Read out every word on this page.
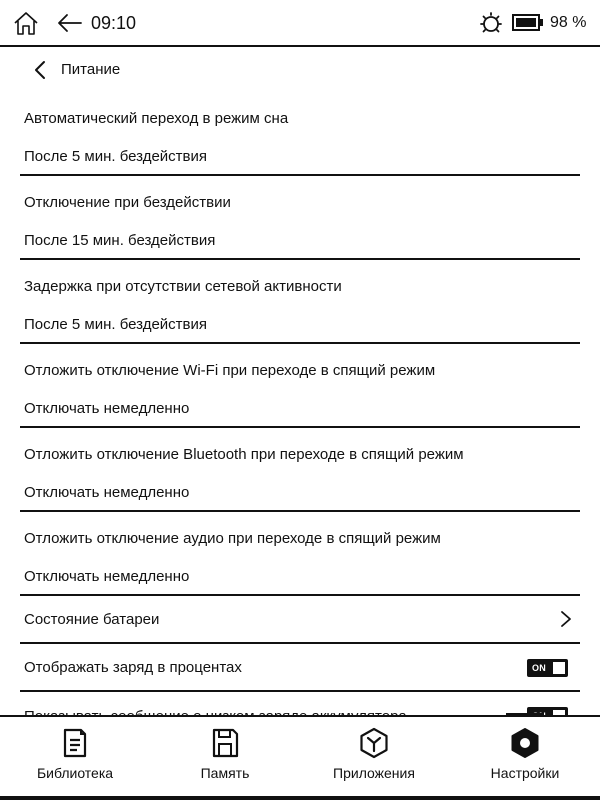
09:10	98 %
Питание
Автоматический переход в режим сна
После 5 мин. бездействия
Отключение при бездействии
После 15 мин. бездействия
Задержка при отсутствии сетевой активности
После 5 мин. бездействия
Отложить отключение Wi-Fi при переходе в спящий режим
Отключать немедленно
Отложить отключение Bluetooth при переходе в спящий режим
Отключать немедленно
Отложить отключение аудио при переходе в спящий режим
Отключать немедленно
Состояние батареи
Отображать заряд в процентах	ON
Библиотека	Память	Приложения	Настройки
